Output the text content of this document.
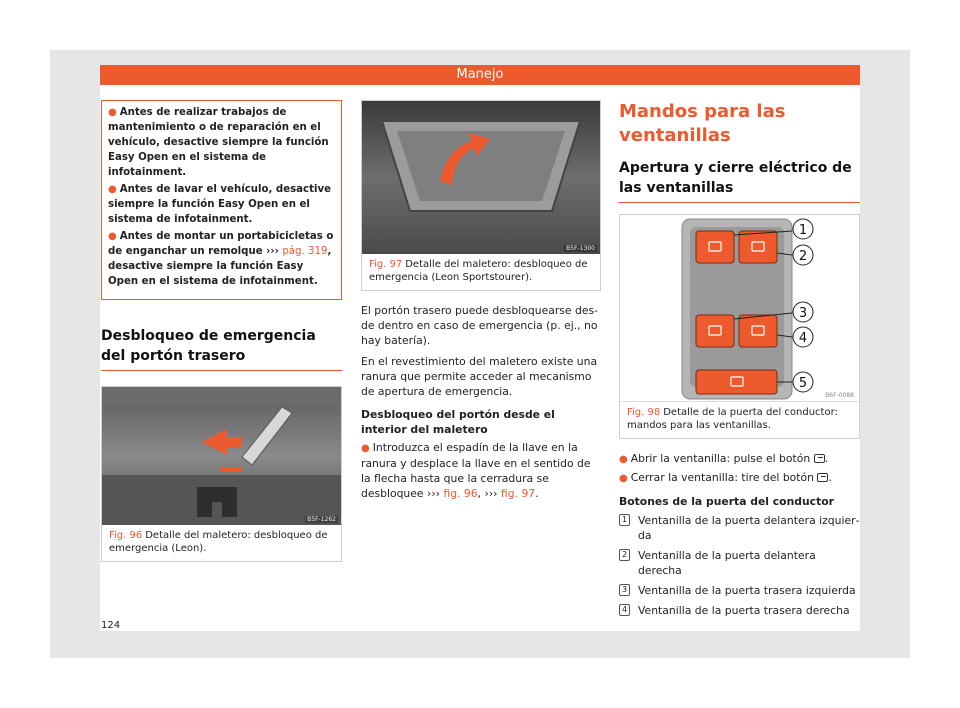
Manejo
● Antes de realizar trabajos de mantenimiento o de reparación en el vehículo, desactive siempre la función Easy Open en el sistema de infotainment.
● Antes de lavar el vehículo, desactive siempre la función Easy Open en el sistema de infotainment.
● Antes de montar un portabicicletas o de enganchar un remolque ››› pág. 319, desactive siempre la función Easy Open en el sistema de infotainment.
Desbloqueo de emergencia del portón trasero
B5F-1262
Fig. 96 Detalle del maletero: desbloqueo de emergencia (Leon).
B5F-1300
Fig. 97 Detalle del maletero: desbloqueo de emergencia (Leon Sportstourer).
El portón trasero puede desbloquearse desde dentro en caso de emergencia (p. ej., no hay batería).
En el revestimiento del maletero existe una ranura que permite acceder al mecanismo de apertura de emergencia.
Desbloqueo del portón desde el interior del maletero
● Introduzca el espadín de la llave en la ranura y desplace la llave en el sentido de la flecha hasta que la cerradura se desbloquee ››› fig. 96, ››› fig. 97.
Mandos para las ventanillas
Apertura y cierre eléctrico de las ventanillas
1
2
3
4
5
B6F-0088
Fig. 98 Detalle de la puerta del conductor: mandos para las ventanillas.
● Abrir la ventanilla: pulse el botón .
● Cerrar la ventanilla: tire del botón .
Botones de la puerta del conductor
1 Ventanilla de la puerta delantera izquierda
2 Ventanilla de la puerta delantera derecha
3 Ventanilla de la puerta trasera izquierda
4 Ventanilla de la puerta trasera derecha
124
